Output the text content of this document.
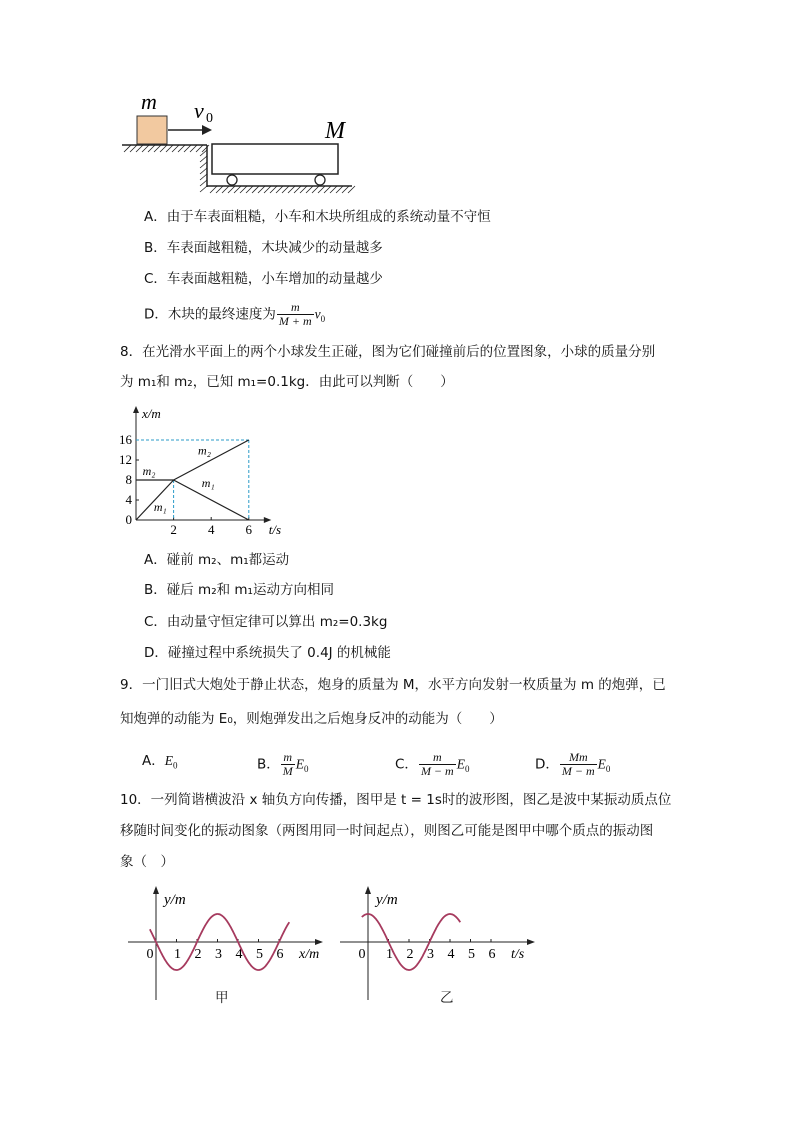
m v 0	M
A．由于车表面粗糙，小车和木块所组成的系统动量不守恒
B．车表面越粗糙，木块减少的动量越多
C．车表面越粗糙，小车增加的动量越少
D．木块的最终速度为 $\frac{m}{M + m} v_0$
8．在光滑水平面上的两个小球发生正碰，图为它们碰撞前后的位置图象，小球的质量分别
为 m₁和 m₂，已知 m₁=0.1kg．由此可以判断（　　）
x/m
t/s
0
4
8
12
16
2 4 6
m₂
m₁
m₂
m₁
A．碰前 m₂、m₁都运动
B．碰后 m₂和 m₁运动方向相同
C．由动量守恒定律可以算出 m₂=0.3kg
D．碰撞过程中系统损失了 0.4J 的机械能
9．一门旧式大炮处于静止状态，炮身的质量为 M，水平方向发射一枚质量为 m 的炮弹，已
知炮弹的动能为 E₀，则炮弹发出之后炮身反冲的动能为（　　）
A．$E_0$	B． $\frac{m}{M} E_0$	C． $\frac{m}{M - m} E_0$	D． $\frac{Mm}{M - m} E_0$
10．一列简谐横波沿 x 轴负方向传播，图甲是 t = 1s时的波形图，图乙是波中某振动质点位
移随时间变化的振动图象（两图用同一时间起点），则图乙可能是图甲中哪个质点的振动图
象（　）
y/m
x/m
0 1 2 3 4 5 6
y/m
t/s
0 1 2 3 4 5 6
甲	乙
